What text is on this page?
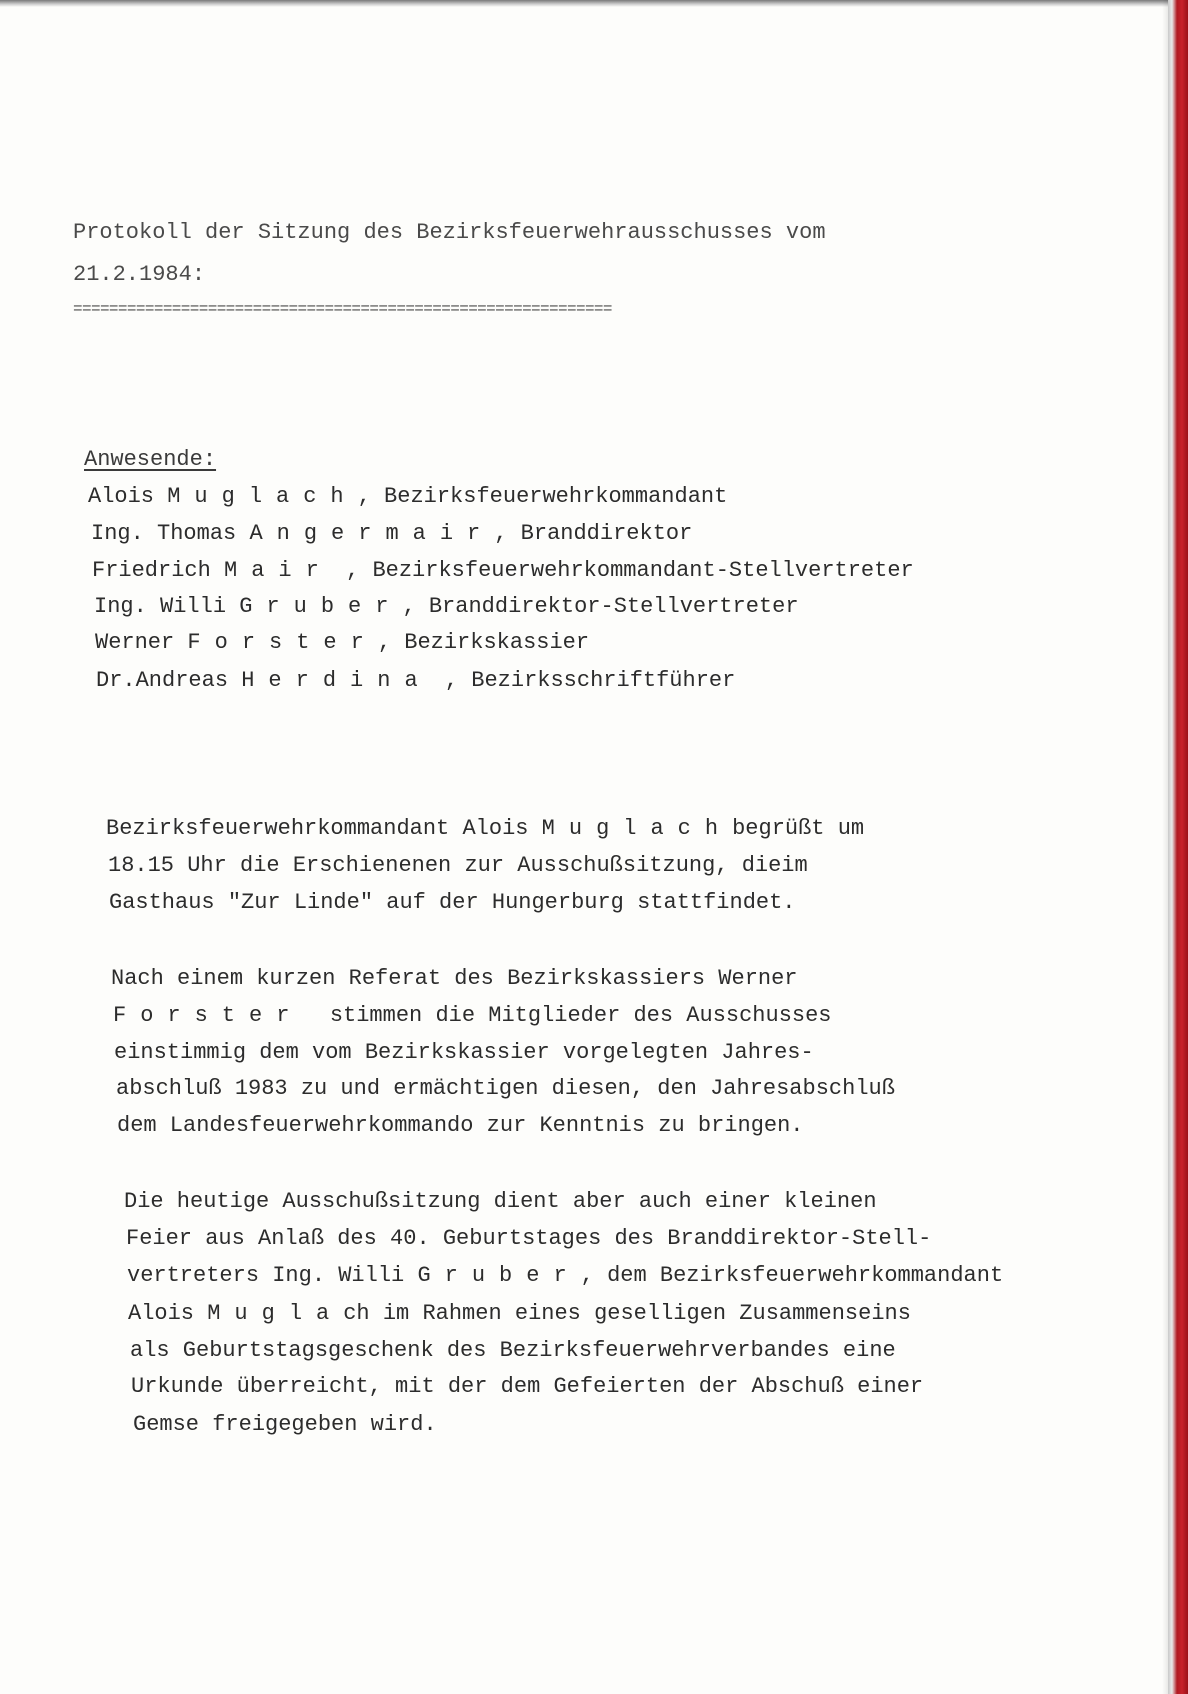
Protokoll der Sitzung des Bezirksfeuerwehrausschusses vom
21.2.1984:
============================================================
Anwesende:
Alois Muglach, Bezirksfeuerwehrkommandant
Ing. Thomas Angermair, Branddirektor
Friedrich Mair , Bezirksfeuerwehrkommandant-Stellvertreter
Ing. Willi Gruber, Branddirektor-Stellvertreter
Werner Forster, Bezirkskassier
Dr.Andreas Herdina , Bezirksschriftführer
Bezirksfeuerwehrkommandant Alois Muglachbegrüßt um
18.15 Uhr die Erschienenen zur Ausschußsitzung, dieim
Gasthaus "Zur Linde" auf der Hungerburg stattfindet.
Nach einem kurzen Referat des Bezirkskassiers Werner
Forster stimmen die Mitglieder des Ausschusses
einstimmig dem vom Bezirkskassier vorgelegten Jahres-
abschluß 1983 zu und ermächtigen diesen, den Jahresabschluß
dem Landesfeuerwehrkommando zur Kenntnis zu bringen.
Die heutige Ausschußsitzung dient aber auch einer kleinen
Feier aus Anlaß des 40. Geburtstages des Branddirektor-Stell-
vertreters Ing. Willi Gruber, dem Bezirksfeuerwehrkommandant
Alois Muglach im Rahmen eines geselligen Zusammenseins
als Geburtstagsgeschenk des Bezirksfeuerwehrverbandes eine
Urkunde überreicht, mit der dem Gefeierten der Abschuß einer
Gemse freigegeben wird.
